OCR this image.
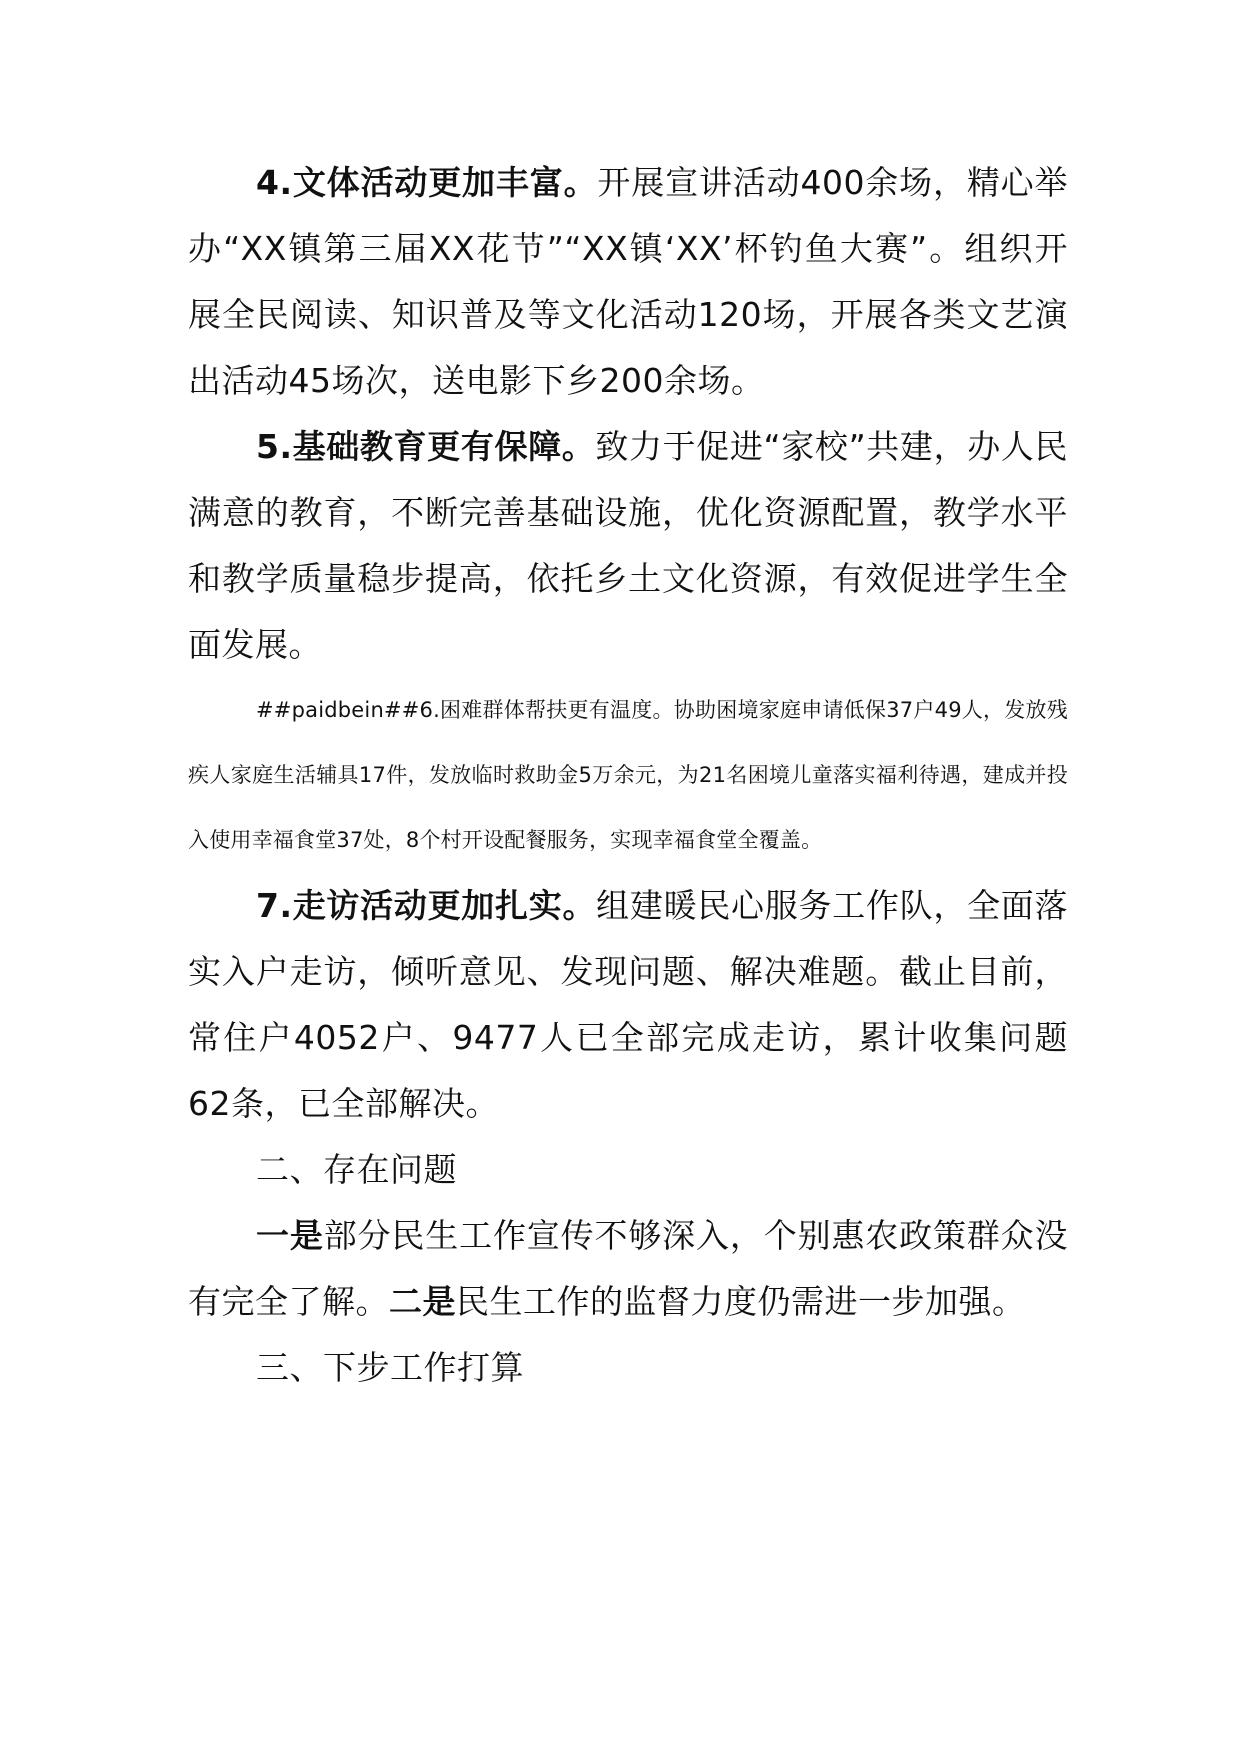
4.文体活动更加丰富。开展宣讲活动400余场，精心举办“XX镇第三届XX花节”“XX镇‘XX’杯钓鱼大赛”。组织开展全民阅读、知识普及等文化活动120场，开展各类文艺演出活动45场次，送电影下乡200余场。

5.基础教育更有保障。致力于促进“家校”共建，办人民满意的教育，不断完善基础设施，优化资源配置，教学水平和教学质量稳步提高，依托乡土文化资源，有效促进学生全面发展。

##paidbein##6.困难群体帮扶更有温度。协助困境家庭申请低保37户49人，发放残疾人家庭生活辅具17件，发放临时救助金5万余元，为21名困境儿童落实福利待遇，建成并投入使用幸福食堂37处，8个村开设配餐服务，实现幸福食堂全覆盖。

7.走访活动更加扎实。组建暖民心服务工作队，全面落实入户走访，倾听意见、发现问题、解决难题。截止目前，常住户4052户、9477人已全部完成走访，累计收集问题62条，已全部解决。

二、存在问题

一是部分民生工作宣传不够深入，个别惠农政策群众没有完全了解。二是民生工作的监督力度仍需进一步加强。

三、下步工作打算
